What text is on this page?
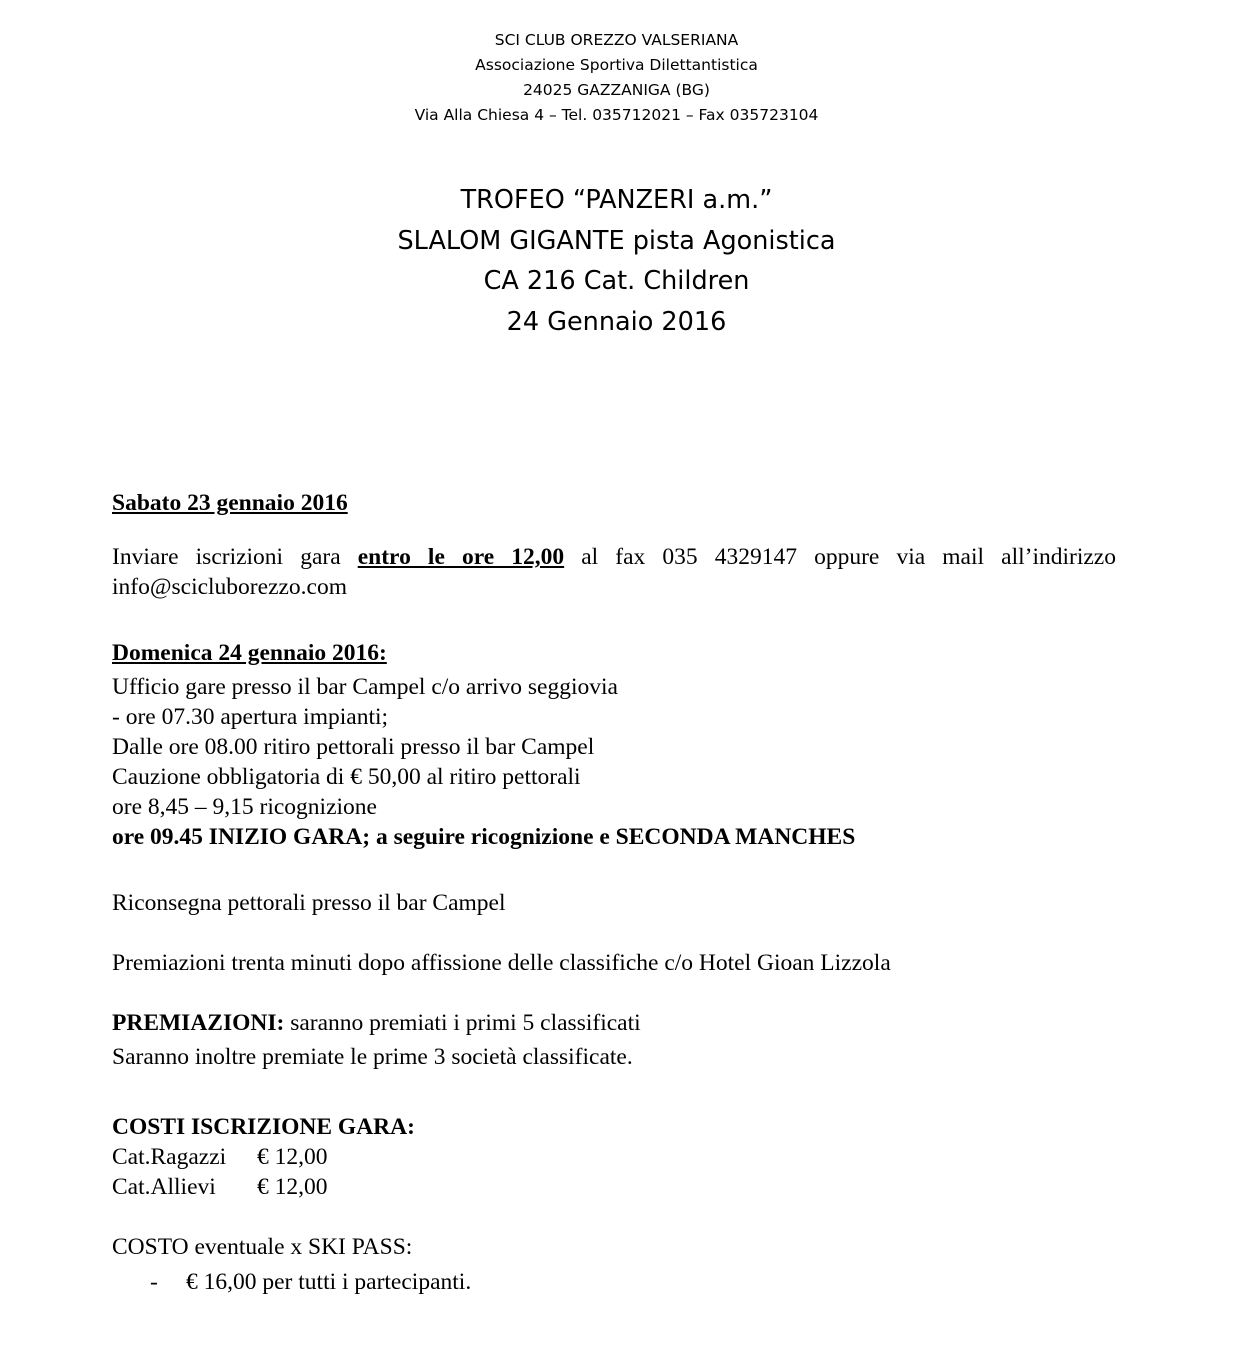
SCI CLUB OREZZO VALSERIANA
Associazione Sportiva Dilettantistica
24025 GAZZANIGA (BG)
Via Alla Chiesa 4 – Tel. 035712021 – Fax 035723104
TROFEO “PANZERI a.m.”
SLALOM GIGANTE pista Agonistica
CA 216 Cat. Children
24 Gennaio 2016
Sabato 23 gennaio 2016
Inviare iscrizioni gara entro le ore 12,00 al fax 035 4329147 oppure via mail all’indirizzo
info@scicluborezzo.com
Domenica 24 gennaio 2016:
Ufficio gare presso il bar Campel c/o arrivo seggiovia
- ore 07.30 apertura impianti;
Dalle ore 08.00 ritiro pettorali presso il bar Campel
Cauzione obbligatoria di € 50,00 al ritiro pettorali
ore 8,45 – 9,15 ricognizione
ore 09.45 INIZIO GARA; a seguire ricognizione e SECONDA MANCHES
Riconsegna pettorali presso il bar Campel
Premiazioni trenta minuti dopo affissione delle classifiche c/o Hotel Gioan Lizzola
PREMIAZIONI: saranno premiati i primi 5 classificati
Saranno inoltre premiate le prime 3 società classificate.
COSTI ISCRIZIONE GARA:
Cat.Ragazzi € 12,00
Cat.Allievi € 12,00
COSTO eventuale x SKI PASS:
- € 16,00 per tutti i partecipanti.
